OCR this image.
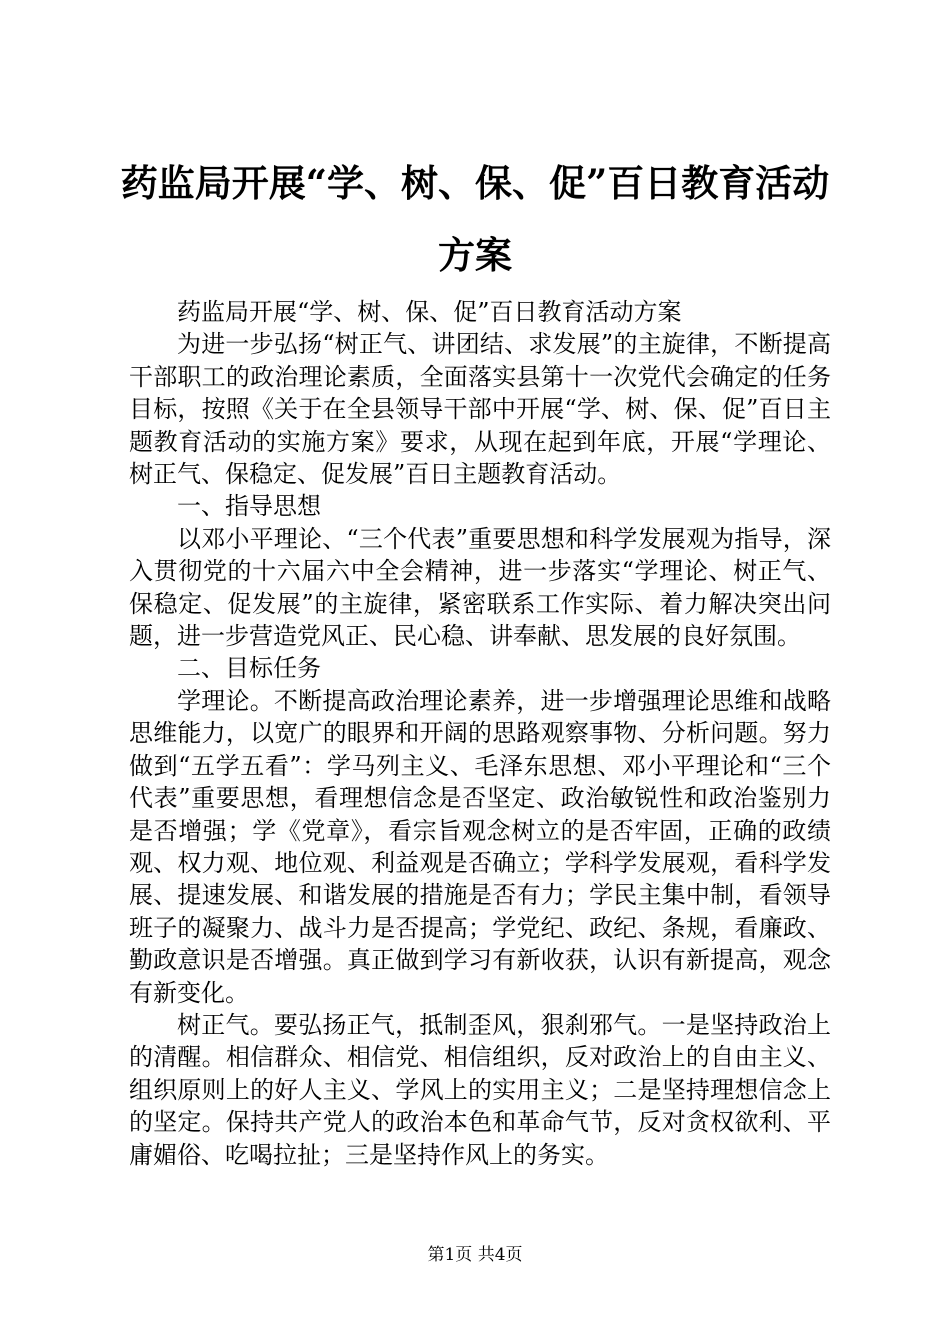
药监局开展“学、树、保、促”百日教育活动方案

药监局开展“学、树、保、促”百日教育活动方案

为进一步弘扬“树正气、讲团结、求发展”的主旋律，不断提高干部职工的政治理论素质，全面落实县第十一次党代会确定的任务目标，按照《关于在全县领导干部中开展“学、树、保、促”百日主题教育活动的实施方案》要求，从现在起到年底，开展“学理论、树正气、保稳定、促发展”百日主题教育活动。

一、指导思想

以邓小平理论、“三个代表”重要思想和科学发展观为指导，深入贯彻党的十六届六中全会精神，进一步落实“学理论、树正气、保稳定、促发展”的主旋律，紧密联系工作实际、着力解决突出问题，进一步营造党风正、民心稳、讲奉献、思发展的良好氛围。

二、目标任务

学理论。不断提高政治理论素养，进一步增强理论思维和战略思维能力，以宽广的眼界和开阔的思路观察事物、分析问题。努力做到“五学五看”：学马列主义、毛泽东思想、邓小平理论和“三个代表”重要思想，看理想信念是否坚定、政治敏锐性和政治鉴别力是否增强；学《党章》，看宗旨观念树立的是否牢固，正确的政绩观、权力观、地位观、利益观是否确立；学科学发展观，看科学发展、提速发展、和谐发展的措施是否有力；学民主集中制，看领导班子的凝聚力、战斗力是否提高；学党纪、政纪、条规，看廉政、勤政意识是否增强。真正做到学习有新收获，认识有新提高，观念有新变化。

树正气。要弘扬正气，抵制歪风，狠刹邪气。一是坚持政治上的清醒。相信群众、相信党、相信组织，反对政治上的自由主义、组织原则上的好人主义、学风上的实用主义；二是坚持理想信念上的坚定。保持共产党人的政治本色和革命气节，反对贪权欲利、平庸媚俗、吃喝拉扯；三是坚持作风上的务实。

第1页 共4页
